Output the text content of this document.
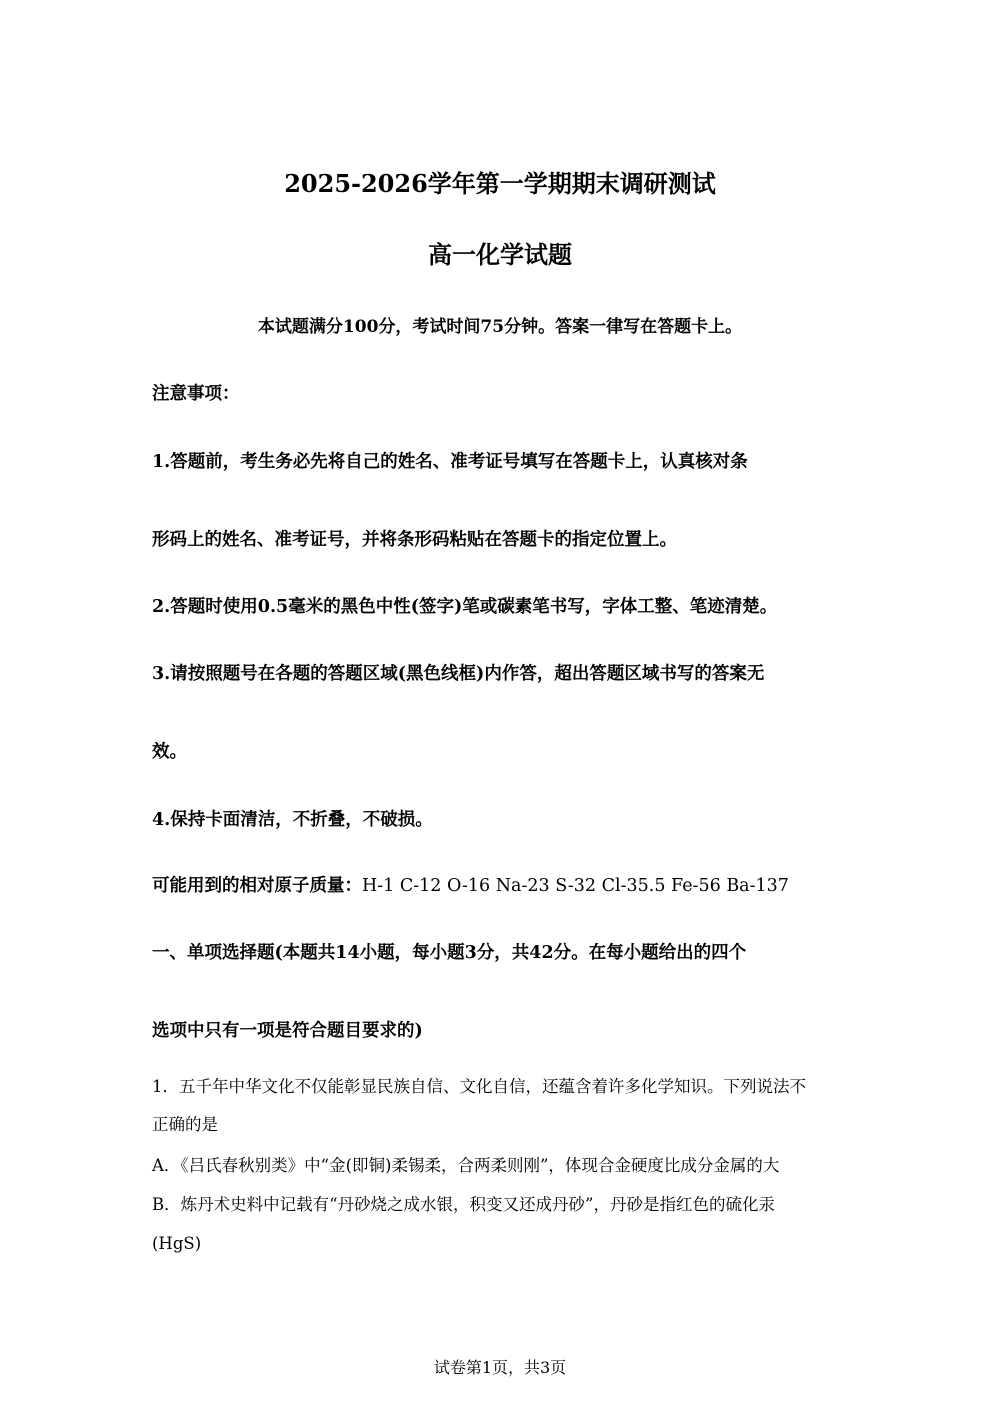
2025-2026学年第一学期期末调研测试
高一化学试题
本试题满分100分，考试时间75分钟。答案一律写在答题卡上。
注意事项：
1.答题前，考生务必先将自己的姓名、准考证号填写在答题卡上，认真核对条
形码上的姓名、准考证号，并将条形码粘贴在答题卡的指定位置上。
2.答题时使用0.5毫米的黑色中性(签字)笔或碳素笔书写，字体工整、笔迹清楚。
3.请按照题号在各题的答题区域(黑色线框)内作答，超出答题区域书写的答案无
效。
4.保持卡面清洁，不折叠，不破损。
可能用到的相对原子质量：H-1 C-12 O-16 Na-23 S-32 Cl-35.5 Fe-56 Ba-137
一、单项选择题(本题共14小题，每小题3分，共42分。在每小题给出的四个
选项中只有一项是符合题目要求的)
1．五千年中华文化不仅能彰显民族自信、文化自信，还蕴含着许多化学知识。下列说法不
正确的是
A．《吕氏春秋别类》中“金(即铜)柔锡柔，合两柔则刚”，体现合金硬度比成分金属的大
B．炼丹术史料中记载有“丹砂烧之成水银，积变又还成丹砂”，丹砂是指红色的硫化汞
(HgS)
试卷第1页，共3页
